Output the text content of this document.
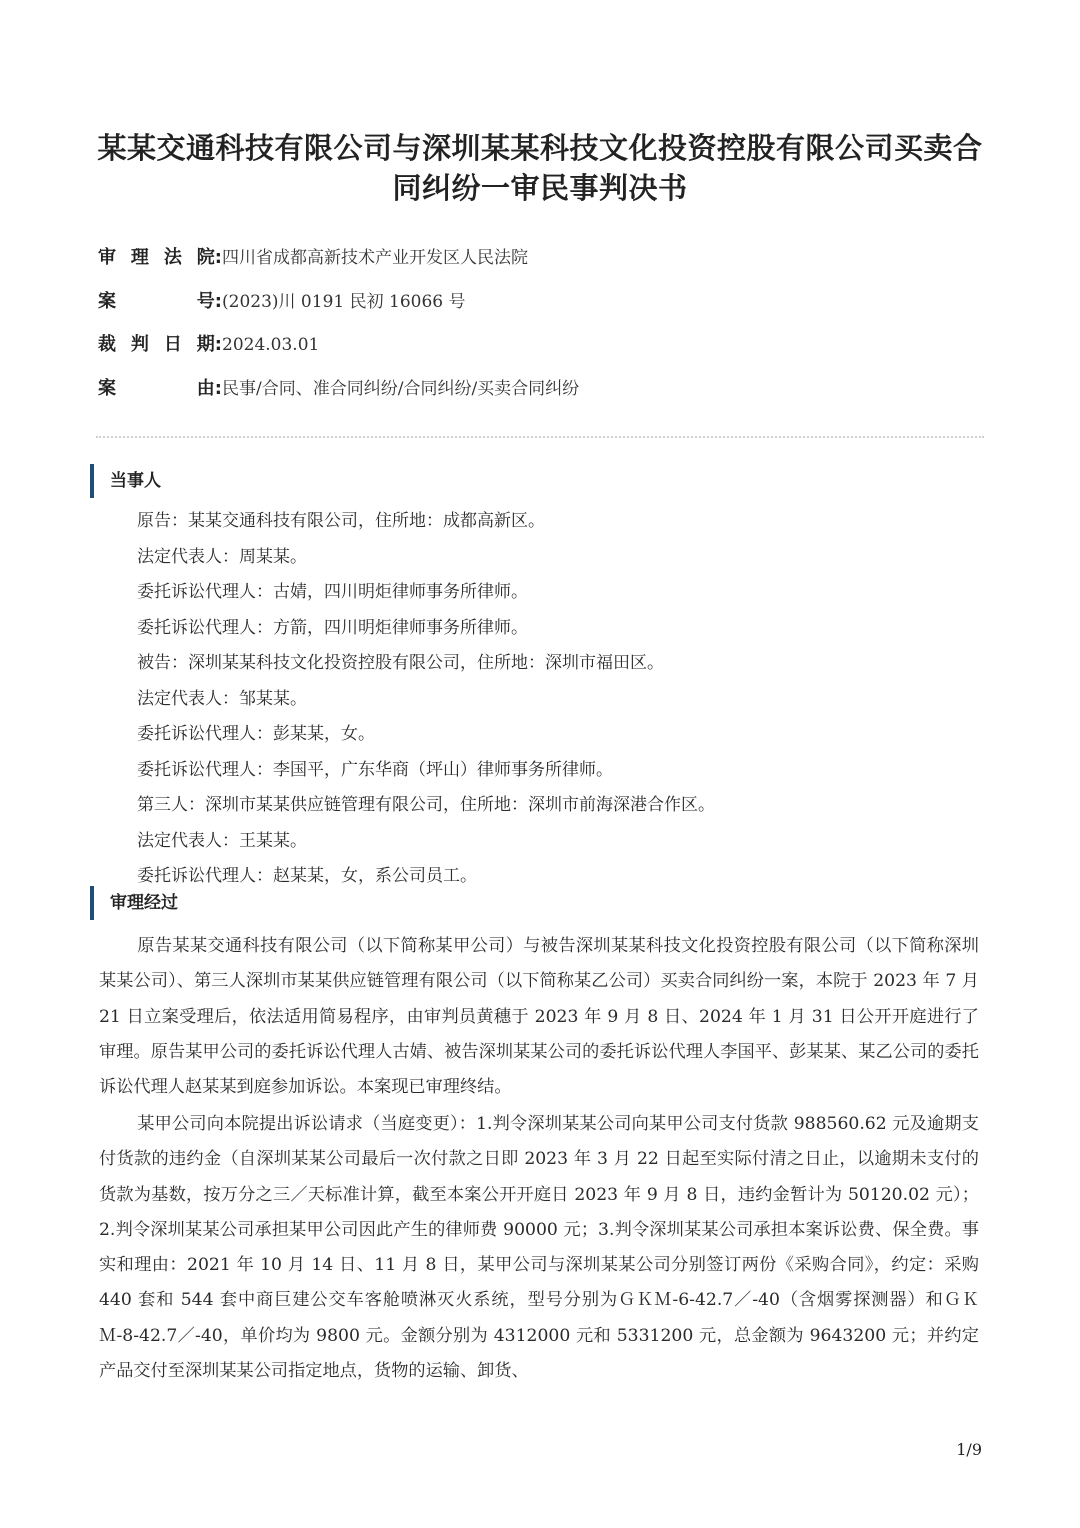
某某交通科技有限公司与深圳某某科技文化投资控股有限公司买卖合同纠纷一审民事判决书
审 理 法 院: 四川省成都高新技术产业开发区人民法院
案	号: (2023)川 0191 民初 16066 号
裁 判 日 期: 2024.03.01
案	由: 民事/合同、准合同纠纷/合同纠纷/买卖合同纠纷
当事人
原告：某某交通科技有限公司，住所地：成都高新区。
法定代表人：周某某。
委托诉讼代理人：古婧，四川明炬律师事务所律师。
委托诉讼代理人：方箭，四川明炬律师事务所律师。
被告：深圳某某科技文化投资控股有限公司，住所地：深圳市福田区。
法定代表人：邹某某。
委托诉讼代理人：彭某某，女。
委托诉讼代理人：李国平，广东华商（坪山）律师事务所律师。
第三人：深圳市某某供应链管理有限公司，住所地：深圳市前海深港合作区。
法定代表人：王某某。
委托诉讼代理人：赵某某，女，系公司员工。
审理经过

原告某某交通科技有限公司（以下简称某甲公司）与被告深圳某某科技文化投资控股有限公司（以下简称深圳某某公司）、第三人深圳市某某供应链管理有限公司（以下简称某乙公司）买卖合同纠纷一案，本院于 2023 年 7 月 21 日立案受理后，依法适用简易程序，由审判员黄穗于 2023 年 9 月 8 日、2024 年 1 月 31 日公开开庭进行了审理。原告某甲公司的委托诉讼代理人古婧、被告深圳某某公司的委托诉讼代理人李国平、彭某某、某乙公司的委托诉讼代理人赵某某到庭参加诉讼。本案现已审理终结。

某甲公司向本院提出诉讼请求（当庭变更）：1.判令深圳某某公司向某甲公司支付货款 988560.62 元及逾期支付货款的违约金（自深圳某某公司最后一次付款之日即 2023 年 3 月 22 日起至实际付清之日止，以逾期未支付的货款为基数，按万分之三／天标准计算，截至本案公开开庭日 2023 年 9 月 8 日，违约金暂计为 50120.02 元）；2.判令深圳某某公司承担某甲公司因此产生的律师费 90000 元；3.判令深圳某某公司承担本案诉讼费、保全费。事实和理由：2021 年 10 月 14 日、11 月 8 日，某甲公司与深圳某某公司分别签订两份《采购合同》，约定：采购 440 套和 544 套中商巨建公交车客舱喷淋灭火系统，型号分别为ＧＫＭ-6-42.7／-40（含烟雾探测器）和ＧＫＭ-8-42.7／-40，单价均为 9800 元。金额分别为 4312000 元和 5331200 元，总金额为 9643200 元；并约定产品交付至深圳某某公司指定地点，货物的运输、卸货、

1/9
